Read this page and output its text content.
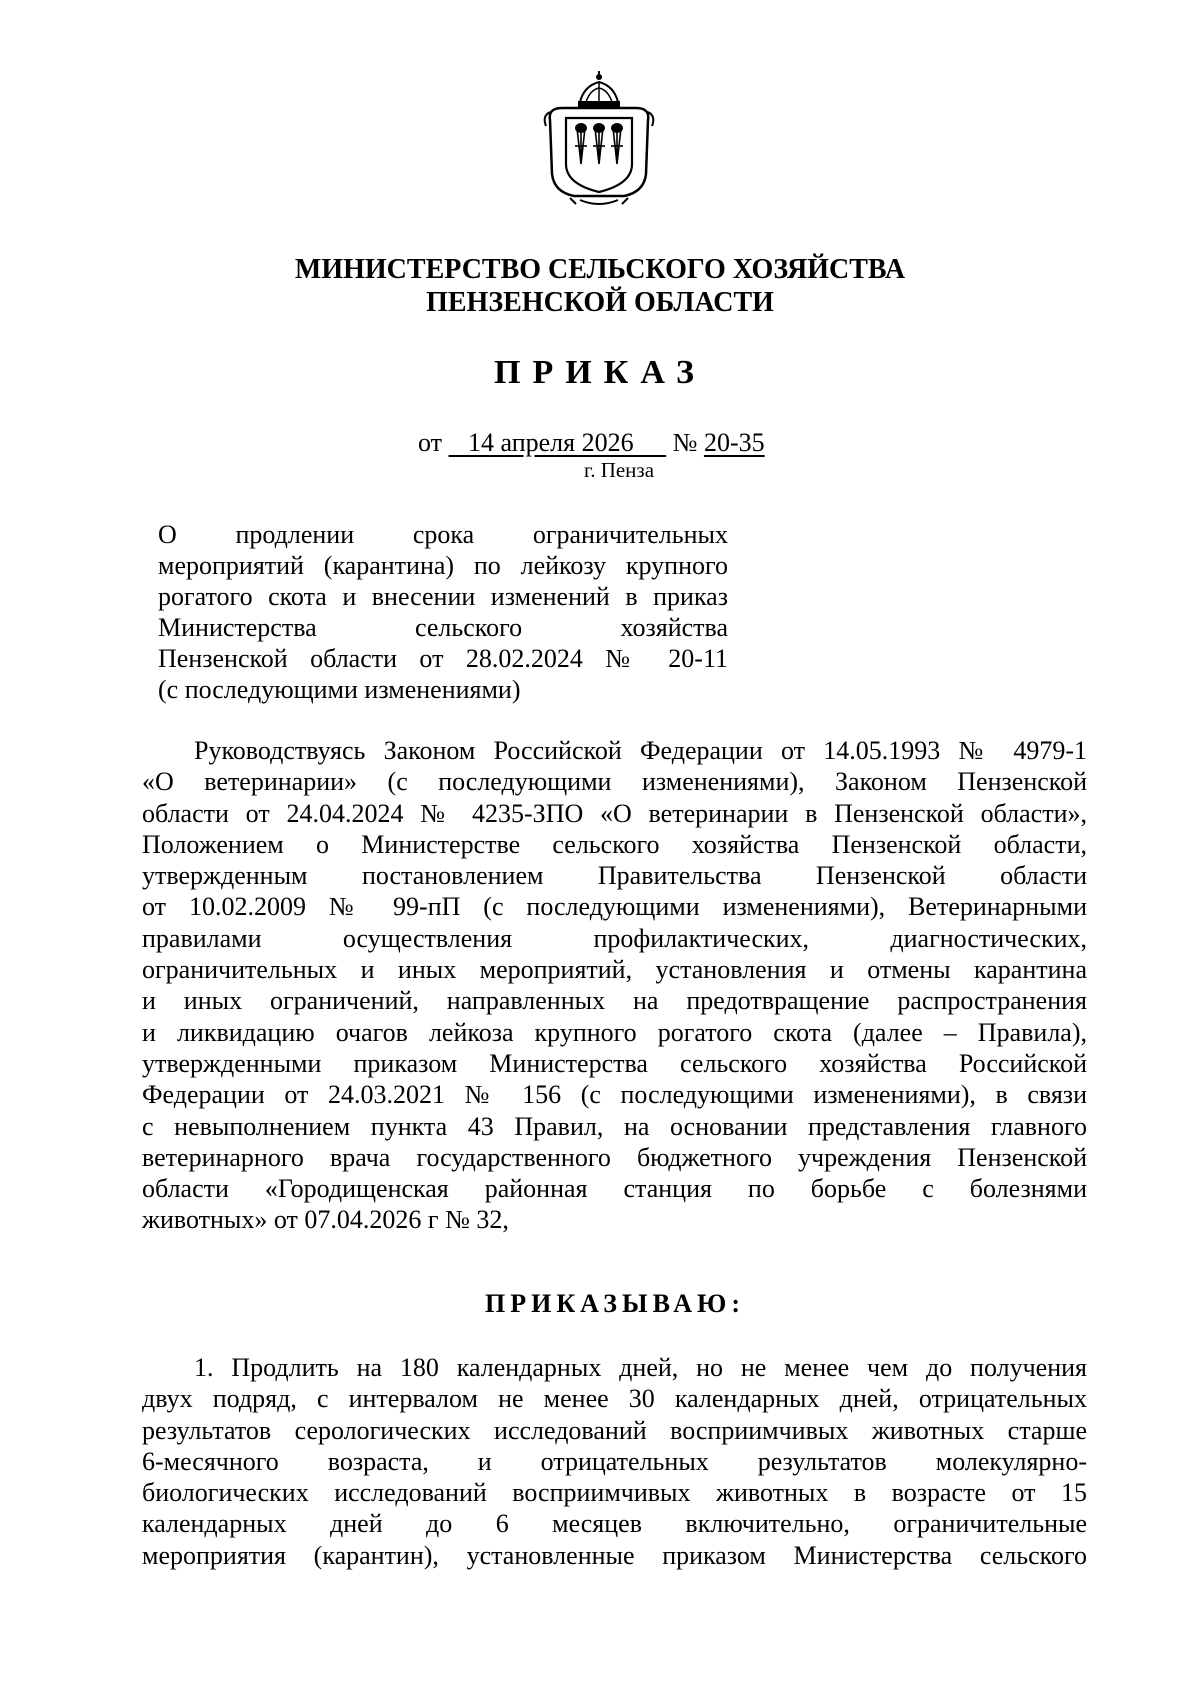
МИНИСТЕРСТВО СЕЛЬСКОГО ХОЗЯЙСТВА
ПЕНЗЕНСКОЙ ОБЛАСТИ
ПРИКАЗ
от 14 апреля 2026 № 20-35
г. Пенза
О продлении срока ограничительных
мероприятий (карантина) по лейкозу крупного
рогатого скота и внесении изменений в приказ
Министерства сельского хозяйства
Пензенской области от 28.02.2024 № 20-11
(с последующими изменениями)
Руководствуясь Законом Российской Федерации от 14.05.1993 № 4979-1
«О ветеринарии» (с последующими изменениями), Законом Пензенской
области от 24.04.2024 № 4235-ЗПО «О ветеринарии в Пензенской области»,
Положением о Министерстве сельского хозяйства Пензенской области,
утвержденным постановлением Правительства Пензенской области
от 10.02.2009 № 99-пП (с последующими изменениями), Ветеринарными
правилами осуществления профилактических, диагностических,
ограничительных и иных мероприятий, установления и отмены карантина
и иных ограничений, направленных на предотвращение распространения
и ликвидацию очагов лейкоза крупного рогатого скота (далее – Правила),
утвержденными приказом Министерства сельского хозяйства Российской
Федерации от 24.03.2021 № 156 (с последующими изменениями), в связи
с невыполнением пункта 43 Правил, на основании представления главного
ветеринарного врача государственного бюджетного учреждения Пензенской
области «Городищенская районная станция по борьбе с болезнями
животных» от 07.04.2026 г № 32,
ПРИКАЗЫВАЮ:
1. Продлить на 180 календарных дней, но не менее чем до получения
двух подряд, с интервалом не менее 30 календарных дней, отрицательных
результатов серологических исследований восприимчивых животных старше
6-месячного возраста, и отрицательных результатов молекулярно-
биологических исследований восприимчивых животных в возрасте от 15
календарных дней до 6 месяцев включительно, ограничительные
мероприятия (карантин), установленные приказом Министерства сельского
